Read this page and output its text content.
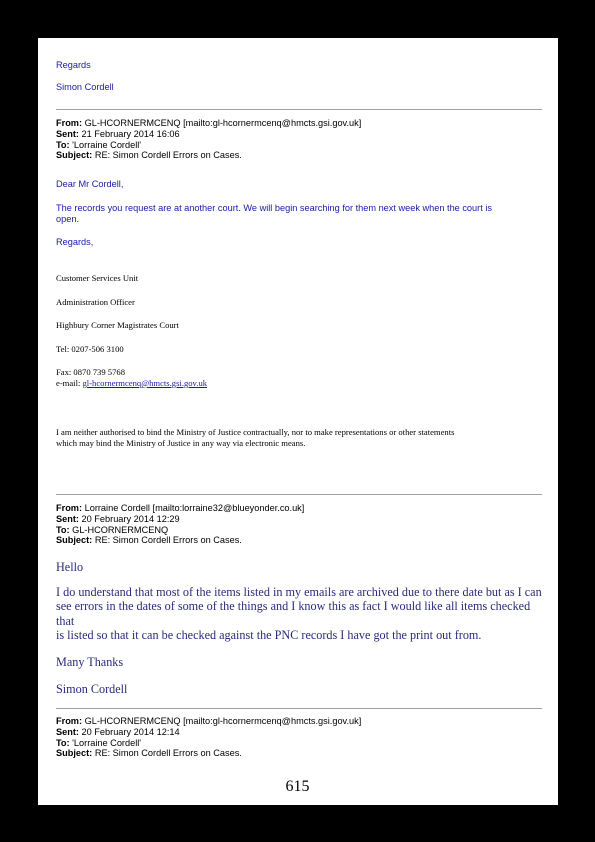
Regards

Simon Cordell

From: GL-HCORNERMCENQ [mailto:gl-hcornermcenq@hmcts.gsi.gov.uk]

Sent: 21 February 2014 16:06

To: 'Lorraine Cordell'

Subject: RE: Simon Cordell Errors on Cases.

Dear Mr Cordell,

The records you request are at another court. We will begin searching for them next week when the court is

open.

Regards,

Customer Services Unit

Administration Officer

Highbury Corner Magistrates Court

Tel: 0207-506 3100

Fax: 0870 739 5768

e-mail: gl-hcornermcenq@hmcts.gsi.gov.uk

I am neither authorised to bind the Ministry of Justice contractually, nor to make representations or other statements

which may bind the Ministry of Justice in any way via electronic means.

From: Lorraine Cordell [mailto:lorraine32@blueyonder.co.uk]

Sent: 20 February 2014 12:29

To: GL-HCORNERMCENQ

Subject: RE: Simon Cordell Errors on Cases.

Hello

I do understand that most of the items listed in my emails are archived due to there date but as I can

see errors in the dates of some of the things and I know this as fact I would like all items checked that

is listed so that it can be checked against the PNC records I have got the print out from.

Many Thanks

Simon Cordell

From: GL-HCORNERMCENQ [mailto:gl-hcornermcenq@hmcts.gsi.gov.uk]

Sent: 20 February 2014 12:14

To: 'Lorraine Cordell'

Subject: RE: Simon Cordell Errors on Cases.

615
